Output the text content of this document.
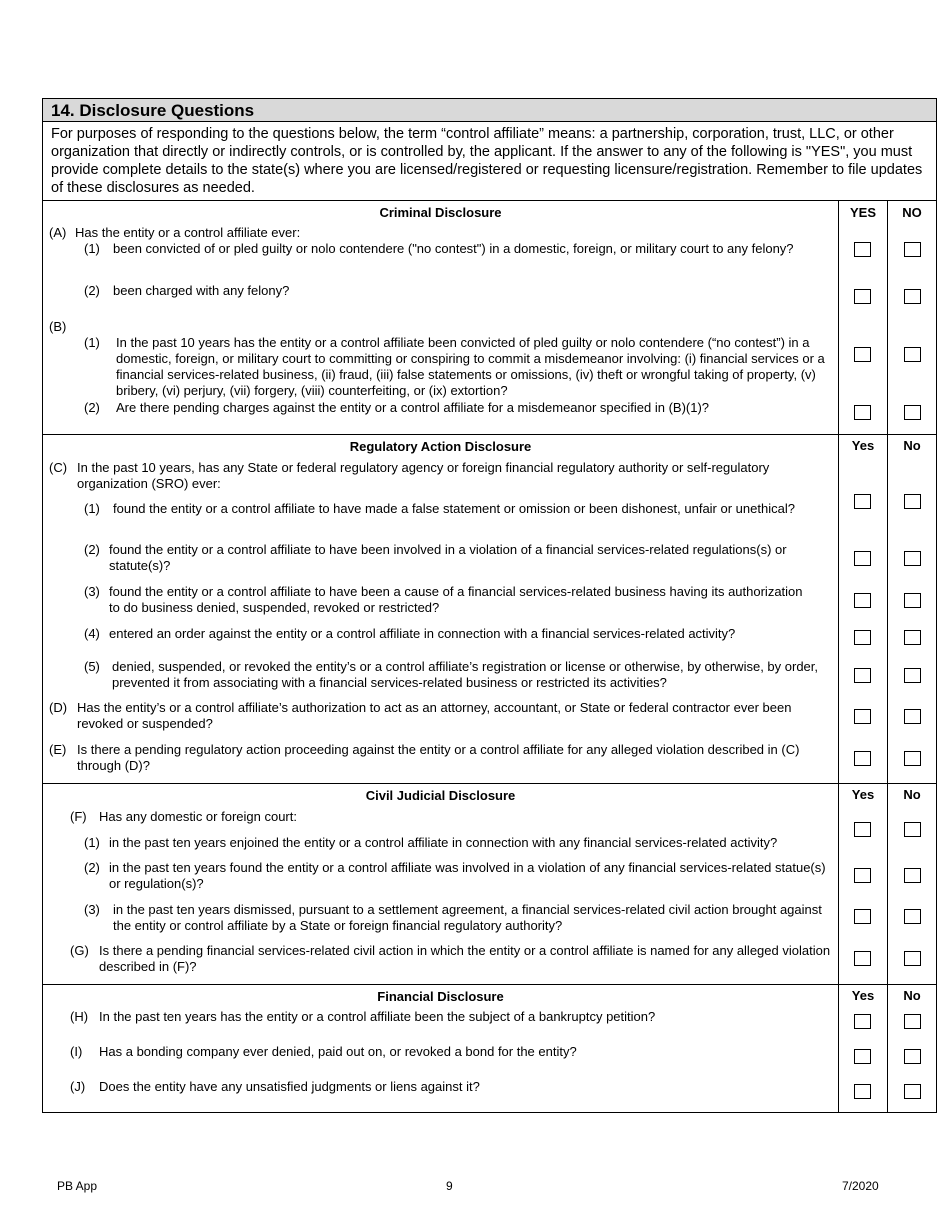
14. Disclosure Questions
For purposes of responding to the questions below, the term “control affiliate” means: a partnership, corporation, trust, LLC, or other organization that directly or indirectly controls, or is controlled by, the applicant. If the answer to any of the following is "YES", you must provide complete details to the state(s) where you are licensed/registered or requesting licensure/registration. Remember to file updates of these disclosures as needed.
Criminal Disclosure	YES	NO
(A) Has the entity or a control affiliate ever:
(1) been convicted of or pled guilty or nolo contendere ("no contest") in a domestic, foreign, or military court to any felony?
(2) been charged with any felony?
(B)
(1) In the past 10 years has the entity or a control affiliate been convicted of pled guilty or nolo contendere (“no contest”) in a domestic, foreign, or military court to committing or conspiring to commit a misdemeanor involving: (i) financial services or a financial services-related business, (ii) fraud, (iii) false statements or omissions, (iv) theft or wrongful taking of property, (v) bribery, (vi) perjury, (vii) forgery, (viii) counterfeiting, or (ix) extortion?
(2) Are there pending charges against the entity or a control affiliate for a misdemeanor specified in (B)(1)?
Regulatory Action Disclosure	Yes	No
(C) In the past 10 years, has any State or federal regulatory agency or foreign financial regulatory authority or self-regulatory organization (SRO) ever:
(1) found the entity or a control affiliate to have made a false statement or omission or been dishonest, unfair or unethical?
(2) found the entity or a control affiliate to have been involved in a violation of a financial services-related regulations(s) or statute(s)?
(3) found the entity or a control affiliate to have been a cause of a financial services-related business having its authorization to do business denied, suspended, revoked or restricted?
(4) entered an order against the entity or a control affiliate in connection with a financial services-related activity?
(5) denied, suspended, or revoked the entity’s or a control affiliate’s registration or license or otherwise, by otherwise, by order, prevented it from associating with a financial services-related business or restricted its activities?
(D) Has the entity’s or a control affiliate’s authorization to act as an attorney, accountant, or State or federal contractor ever been revoked or suspended?
(E) Is there a pending regulatory action proceeding against the entity or a control affiliate for any alleged violation described in (C) through (D)?
Civil Judicial Disclosure	Yes	No
(F) Has any domestic or foreign court:
(1) in the past ten years enjoined the entity or a control affiliate in connection with any financial services-related activity?
(2) in the past ten years found the entity or a control affiliate was involved in a violation of any financial services-related statue(s) or regulation(s)?
(3) in the past ten years dismissed, pursuant to a settlement agreement, a financial services-related civil action brought against the entity or control affiliate by a State or foreign financial regulatory authority?
(G) Is there a pending financial services-related civil action in which the entity or a control affiliate is named for any alleged violation described in (F)?
Financial Disclosure	Yes	No
(H) In the past ten years has the entity or a control affiliate been the subject of a bankruptcy petition?
(I) Has a bonding company ever denied, paid out on, or revoked a bond for the entity?
(J) Does the entity have any unsatisfied judgments or liens against it?
PB App	9	7/2020
